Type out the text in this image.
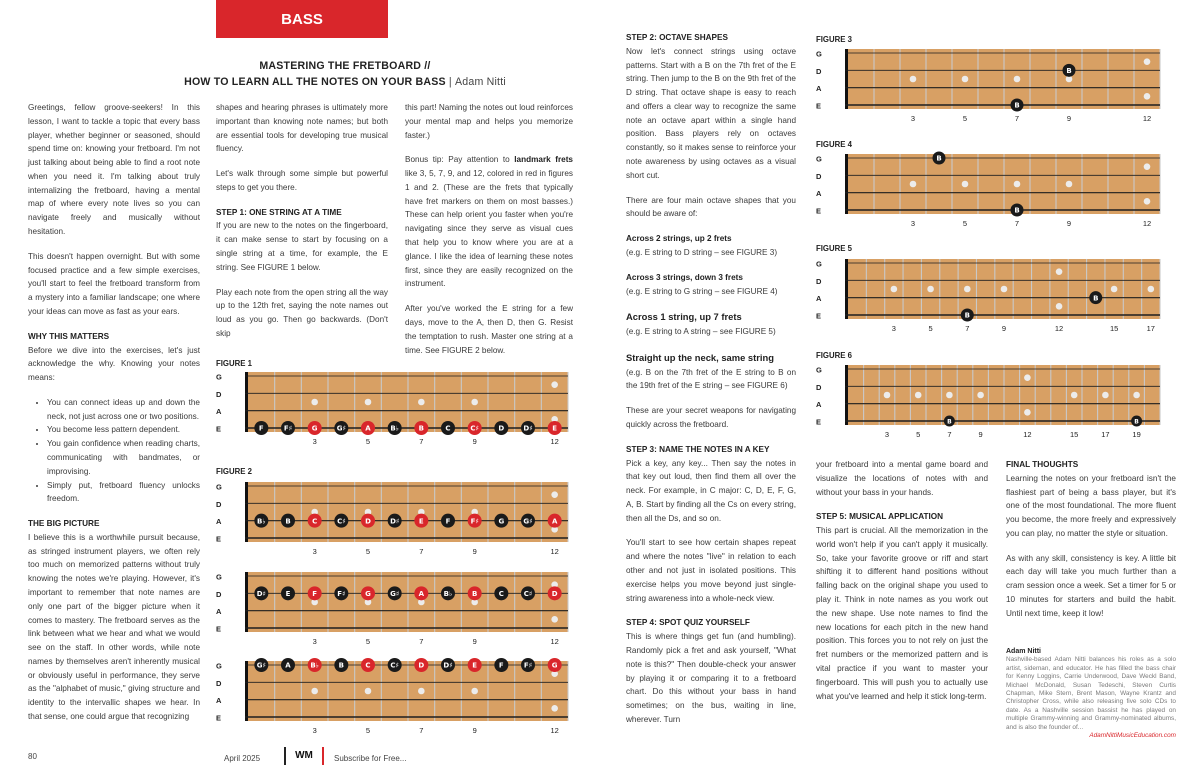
BASS
MASTERING THE FRETBOARD //
HOW TO LEARN ALL THE NOTES ON YOUR BASS | Adam Nitti

Greetings, fellow groove-seekers! In this lesson, I want to tackle a topic that every bass player, whether beginner or seasoned, should spend time on: knowing your fretboard. I'm not just talking about being able to find a root note when you need it. I'm talking about truly internalizing the fretboard, having a mental map of where every note lives so you can navigate freely and musically without hesitation.

This doesn't happen overnight. But with some focused practice and a few simple exercises, you'll start to feel the fretboard transform from a mystery into a familiar landscape; one where your ideas can move as fast as your ears.

WHY THIS MATTERS

Before we dive into the exercises, let's just acknowledge the why. Knowing your notes means:

• You can connect ideas up and down the neck, not just across one or two positions.
• You become less pattern dependent.
• You gain confidence when reading charts, communicating with bandmates, or improvising.
• Simply put, fretboard fluency unlocks freedom.
THE BIG PICTURE

I believe this is a worthwhile pursuit because, as stringed instrument players, we often rely too much on memorized patterns without truly knowing the notes we're playing. However, it's important to remember that note names are only one part of the bigger picture when it comes to mastery. The fretboard serves as the link between what we hear and what we would see on the staff. In other words, while note names by themselves aren't inherently musical or obviously useful in performance, they serve as the "alphabet of music," giving structure and identity to the intervallic shapes we hear. In that sense, one could argue that recognizing

shapes and hearing phrases is ultimately more important than knowing note names; but both are essential tools for developing true musical fluency.

Let's walk through some simple but powerful steps to get you there.

STEP 1: ONE STRING AT A TIME

If you are new to the notes on the fingerboard, it can make sense to start by focusing on a single string at a time, for example, the E string. See FIGURE 1 below.

Play each note from the open string all the way up to the 12th fret, saying the note names out loud as you go. Then go backwards. (Don't skip

this part! Naming the notes out loud reinforces your mental map and helps you memorize faster.)

Bonus tip: Pay attention to landmark frets like 3, 5, 7, 9, and 12, colored in red in figures 1 and 2. (These are the frets that typically have fret markers on them on most basses.) These can help orient you faster when you're navigating since they serve as visual cues that help you to know where you are at a glance. I like the idea of learning these notes first, since they are easily recognized on the instrument.

After you've worked the E string for a few days, move to the A, then D, then G. Resist the temptation to rush. Master one string at a time. See FIGURE 2 below.

STEP 2: OCTAVE SHAPES

Now let's connect strings using octave patterns. Start with a B on the 7th fret of the E string. Then jump to the B on the 9th fret of the D string. That octave shape is easy to reach and offers a clear way to recognize the same note an octave apart within a single hand position. Bass players rely on octaves constantly, so it makes sense to reinforce your note awareness by using octaves as a visual short cut.

There are four main octave shapes that you should be aware of:

Across 2 strings, up 2 frets

(e.g. E string to D string – see FIGURE 3)

Across 3 strings, down 3 frets

(e.g. E string to G string – see FIGURE 4)

Across 1 string, up 7 frets

(e.g. E string to A string – see FIGURE 5)

Straight up the neck, same string

(e.g. B on the 7th fret of the E string to B on the 19th fret of the E string – see FIGURE 6)

These are your secret weapons for navigating quickly across the fretboard.

STEP 3: NAME THE NOTES IN A KEY

Pick a key, any key... Then say the notes in that key out loud, then find them all over the neck. For example, in C major: C, D, E, F, G, A, B. Start by finding all the Cs on every string, then all the Ds, and so on.

You'll start to see how certain shapes repeat and where the notes "live" in relation to each other and not just in isolated positions. This exercise helps you move beyond just single-string awareness into a whole-neck view.

STEP 4: SPOT QUIZ YOURSELF

This is where things get fun (and humbling). Randomly pick a fret and ask yourself, "What note is this?" Then double-check your answer by playing it or comparing it to a fretboard chart. Do this without your bass in hand sometimes; on the bus, waiting in line, wherever. Turn

your fretboard into a mental game board and visualize the locations of notes with and without your bass in your hands.

STEP 5: MUSICAL APPLICATION

This part is crucial. All the memorization in the world won't help if you can't apply it musically. So, take your favorite groove or riff and start shifting it to different hand positions without falling back on the original shape you used to play it. Think in note names as you work out the new shape. Use note names to find the new locations for each pitch in the new hand position. This forces you to not rely on just the fret numbers or the memorized pattern and is vital practice if you want to master your fingerboard. This will push you to actually use what you've learned and help it stick long-term.

FINAL THOUGHTS

Learning the notes on your fretboard isn't the flashiest part of being a bass player, but it's one of the most foundational. The more fluent you become, the more freely and expressively you can play, no matter the style or situation.

As with any skill, consistency is key. A little bit each day will take you much further than a cram session once a week. Set a timer for 5 or 10 minutes for starters and build the habit. Until next time, keep it low!

Adam Nitti
Nashville-based Adam Nitti balances his roles as a solo artist, sideman, and educator. He has filled the bass chair for Kenny Loggins, Carrie Underwood, Dave Weckl Band, Michael McDonald, Susan Tedeschi, Steven Curtis Chapman, Mike Stern, Brent Mason, Wayne Krantz and Christopher Cross, while also releasing five solo CDs to date. As a Nashville session bassist he has played on multiple Grammy-winning and Grammy-nominated albums, and is also the founder of...
AdamNittiMusicEducation.com
FIGURE 1
FIGURE 2
FIGURE 3
FIGURE 4
FIGURE 5
FIGURE 6
G
D
A
E
3	5	7	9	12
F	F♯	G	G♯	A	B♭	B	C	C♯	D	D♯	E
G
D
A
E
3	5	7	9	12
B♭	B	C	C♯	D	D♯	E	F	F♯	G	G♯	A
G
D
A
E
3	5	7	9	12
D♯	E	F	F♯	G	G♯	A	B♭	B	C	C♯	D
G
D
A
E
3	5	7	9	12
G♯	A	B♭	B	C	C♯	D	D♯	E	F	F♯	G
G
D
A
E
3	5	7	9	12
B
B
G
D
A
E
3	5	7	9	12
B
B
G
D
A
E
3	5	7	9	12	15	17
B
B
G
D
A
E
3	5	7	9	12	15	17	19
B	B
80	April 2025	WM	Subscribe for Free...
